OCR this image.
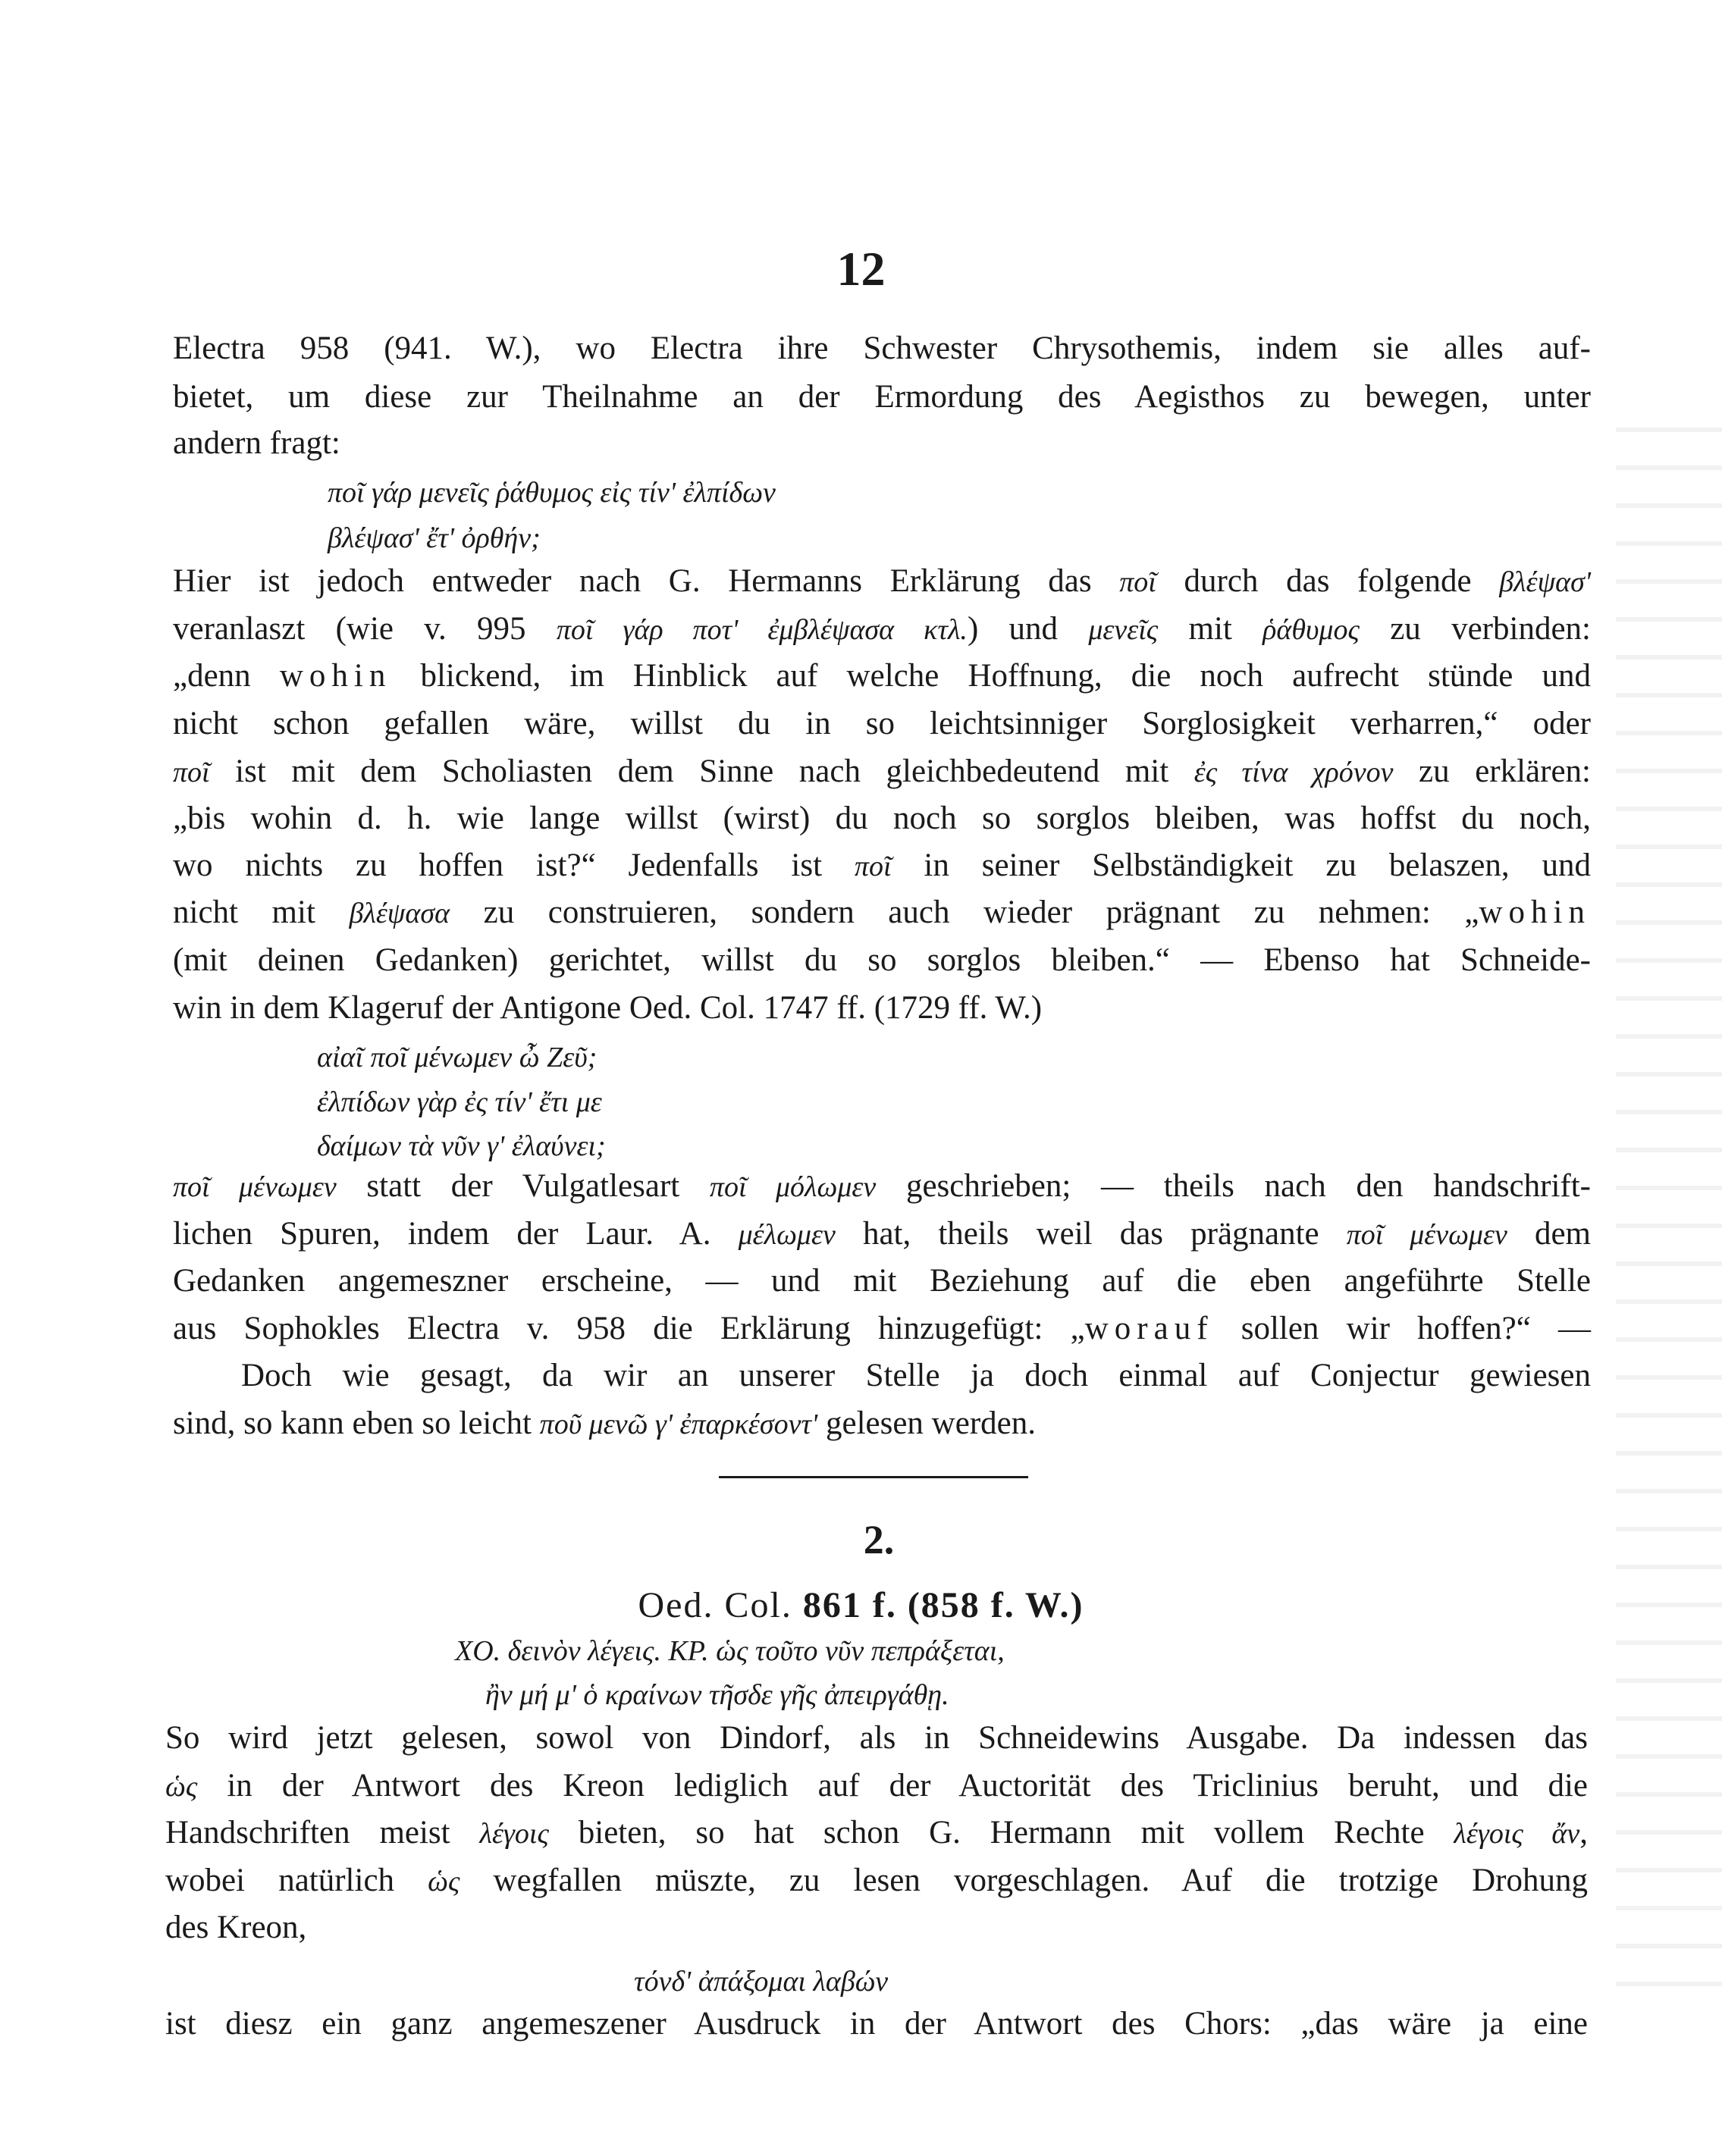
12
Electra 958 (941. W.), wo Electra ihre Schwester Chrysothemis, indem sie alles auf-
bietet, um diese zur Theilnahme an der Ermordung des Aegisthos zu bewegen, unter
andern fragt:
ποῖ γάρ μενεῖς ῥάθυμος εἰς τίν' ἐλπίδων
βλέψασ' ἔτ' ὀρθήν;
Hier ist jedoch entweder nach G. Hermanns Erklärung das ποῖ durch das folgende βλέψασ'
veranlaszt (wie v. 995 ποῖ γάρ ποτ' ἐμβλέψασα κτλ.) und μενεῖς mit ῥάθυμος zu verbinden:
„denn wohin blickend, im Hinblick auf welche Hoffnung, die noch aufrecht stünde und
nicht schon gefallen wäre, willst du in so leichtsinniger Sorglosigkeit verharren,“ oder
ποῖ ist mit dem Scholiasten dem Sinne nach gleichbedeutend mit ἐς τίνα χρόνον zu erklären:
„bis wohin d. h. wie lange willst (wirst) du noch so sorglos bleiben, was hoffst du noch,
wo nichts zu hoffen ist?“ Jedenfalls ist ποῖ in seiner Selbständigkeit zu belaszen, und
nicht mit βλέψασα zu construieren, sondern auch wieder prägnant zu nehmen: „wohin
(mit deinen Gedanken) gerichtet, willst du so sorglos bleiben.“ — Ebenso hat Schneide-
win in dem Klageruf der Antigone Oed. Col. 1747 ff. (1729 ff. W.)
αἰαῖ ποῖ μένωμεν ὦ Ζεῦ;
ἐλπίδων γὰρ ἐς τίν' ἔτι με
δαίμων τὰ νῦν γ' ἐλαύνει;
ποῖ μένωμεν statt der Vulgatlesart ποῖ μόλωμεν geschrieben; — theils nach den handschrift-
lichen Spuren, indem der Laur. A. μέλωμεν hat, theils weil das prägnante ποῖ μένωμεν dem
Gedanken angemeszner erscheine, — und mit Beziehung auf die eben angeführte Stelle
aus Sophokles Electra v. 958 die Erklärung hinzugefügt: „worauf sollen wir hoffen?“ —
Doch wie gesagt, da wir an unserer Stelle ja doch einmal auf Conjectur gewiesen
sind, so kann eben so leicht ποῦ μενῶ γ' ἐπαρκέσοντ' gelesen werden.
2.
Oed. Col. 861 f. (858 f. W.)
ΧΟ. δεινὸν λέγεις. ΚΡ. ὡς τοῦτο νῦν πεπράξεται,
ἢν μή μ' ὁ κραίνων τῆσδε γῆς ἀπειργάθῃ.
So wird jetzt gelesen, sowol von Dindorf, als in Schneidewins Ausgabe. Da indessen das
ὡς in der Antwort des Kreon lediglich auf der Auctorität des Triclinius beruht, und die
Handschriften meist λέγοις bieten, so hat schon G. Hermann mit vollem Rechte λέγοις ἄν,
wobei natürlich ὡς wegfallen müszte, zu lesen vorgeschlagen. Auf die trotzige Drohung
des Kreon,
τόνδ' ἀπάξομαι λαβών
ist diesz ein ganz angemeszener Ausdruck in der Antwort des Chors: „das wäre ja eine
